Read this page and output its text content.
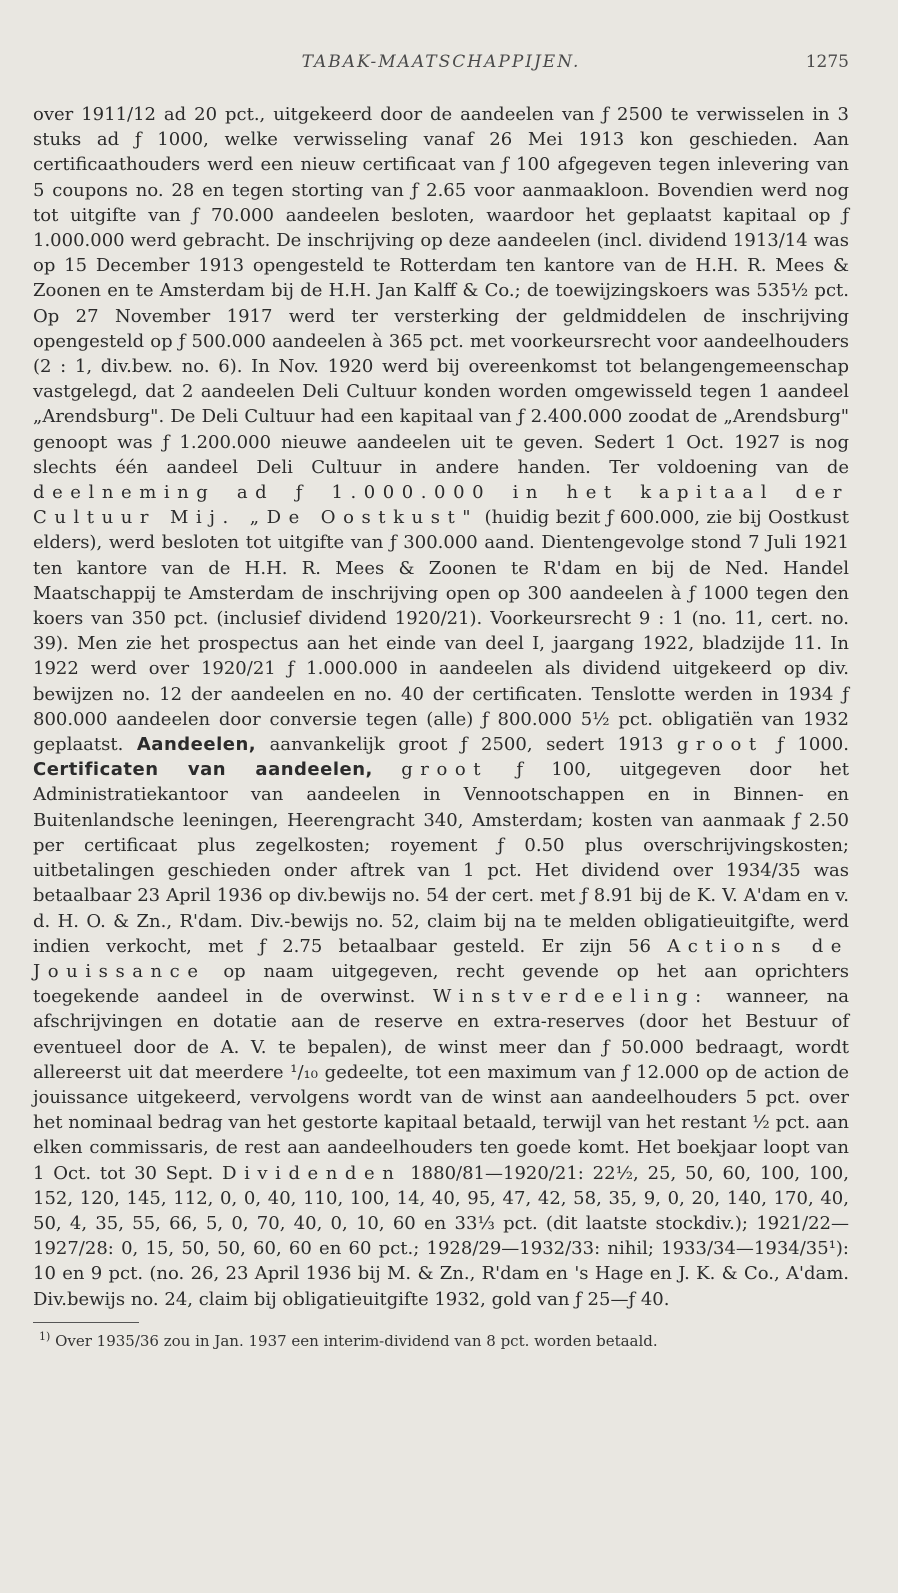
TABAK-MAATSCHAPPIJEN.	1275

over 1911/12 ad 20 pct., uitgekeerd door de aandeelen van ƒ 2500 te verwisselen in 3 stuks ad ƒ 1000, welke verwisseling vanaf 26 Mei 1913 kon geschieden. Aan certificaathouders werd een nieuw certificaat van ƒ 100 afgegeven tegen inlevering van 5 coupons no. 28 en tegen storting van ƒ 2.65 voor aanmaakloon. Bovendien werd nog tot uitgifte van ƒ 70.000 aandeelen besloten, waardoor het geplaatst kapitaal op ƒ 1.000.000 werd gebracht. De inschrijving op deze aandeelen (incl. dividend 1913/14 was op 15 December 1913 opengesteld te Rotterdam ten kantore van de H.H. R. Mees & Zoonen en te Amsterdam bij de H.H. Jan Kalff & Co.; de toewijzingskoers was 535½ pct. Op 27 November 1917 werd ter versterking der geldmiddelen de inschrijving opengesteld op ƒ 500.000 aandeelen à 365 pct. met voorkeursrecht voor aandeelhouders (2 : 1, div.bew. no. 6). In Nov. 1920 werd bij overeenkomst tot belangengemeenschap vastgelegd, dat 2 aandeelen Deli Cultuur konden worden omgewisseld tegen 1 aandeel „Arendsburg". De Deli Cultuur had een kapitaal van ƒ 2.400.000 zoodat de „Arendsburg" genoopt was ƒ 1.200.000 nieuwe aandeelen uit te geven. Sedert 1 Oct. 1927 is nog slechts één aandeel Deli Cultuur in andere handen. Ter voldoening van de deelneming ad ƒ 1.000.000 in het kapitaal der Cultuur Mij. „De Oostkust" (huidig bezit ƒ 600.000, zie bij Oostkust elders), werd besloten tot uitgifte van ƒ 300.000 aand. Dientengevolge stond 7 Juli 1921 ten kantore van de H.H. R. Mees & Zoonen te R'dam en bij de Ned. Handel Maatschappij te Amsterdam de inschrijving open op 300 aandeelen à ƒ 1000 tegen den koers van 350 pct. (inclusief dividend 1920/21). Voorkeursrecht 9 : 1 (no. 11, cert. no. 39). Men zie het prospectus aan het einde van deel I, jaargang 1922, bladzijde 11. In 1922 werd over 1920/21 ƒ 1.000.000 in aandeelen als dividend uitgekeerd op div. bewijzen no. 12 der aandeelen en no. 40 der certificaten. Tenslotte werden in 1934 ƒ 800.000 aandeelen door conversie tegen (alle) ƒ 800.000 5½ pct. obligatiën van 1932 geplaatst. Aandeelen, aanvankelijk groot ƒ 2500, sedert 1913 groot ƒ 1000. Certificaten van aandeelen, groot ƒ 100, uitgegeven door het Administratiekantoor van aandeelen in Vennootschappen en in Binnen- en Buitenlandsche leeningen, Heerengracht 340, Amsterdam; kosten van aanmaak ƒ 2.50 per certificaat plus zegelkosten; royement ƒ 0.50 plus overschrijvingskosten; uitbetalingen geschieden onder aftrek van 1 pct. Het dividend over 1934/35 was betaalbaar 23 April 1936 op div.bewijs no. 54 der cert. met ƒ 8.91 bij de K. V. A'dam en v. d. H. O. & Zn., R'dam. Div.-bewijs no. 52, claim bij na te melden obligatieuitgifte, werd indien verkocht, met ƒ 2.75 betaalbaar gesteld. Er zijn 56 Actions de Jouissance op naam uitgegeven, recht gevende op het aan oprichters toegekende aandeel in de overwinst. Winstverdeeling: wanneer, na afschrijvingen en dotatie aan de reserve en extra-reserves (door het Bestuur of eventueel door de A. V. te bepalen), de winst meer dan ƒ 50.000 bedraagt, wordt allereerst uit dat meerdere ¹/₁₀ gedeelte, tot een maximum van ƒ 12.000 op de action de jouissance uitgekeerd, vervolgens wordt van de winst aan aandeelhouders 5 pct. over het nominaal bedrag van het gestorte kapitaal betaald, terwijl van het restant ½ pct. aan elken commissaris, de rest aan aandeelhouders ten goede komt. Het boekjaar loopt van 1 Oct. tot 30 Sept. Dividenden 1880/81—1920/21: 22½, 25, 50, 60, 100, 100, 152, 120, 145, 112, 0, 0, 40, 110, 100, 14, 40, 95, 47, 42, 58, 35, 9, 0, 20, 140, 170, 40, 50, 4, 35, 55, 66, 5, 0, 70, 40, 0, 10, 60 en 33⅓ pct. (dit laatste stockdiv.); 1921/22—1927/28: 0, 15, 50, 50, 60, 60 en 60 pct.; 1928/29—1932/33: nihil; 1933/34—1934/35¹): 10 en 9 pct. (no. 26, 23 April 1936 bij M. & Zn., R'dam en 's Hage en J. K. & Co., A'dam. Div.bewijs no. 24, claim bij obligatieuitgifte 1932, gold van ƒ 25—ƒ 40.

$^{1)}$ Over 1935/36 zou in Jan. 1937 een interim-dividend van 8 pct. worden betaald.
